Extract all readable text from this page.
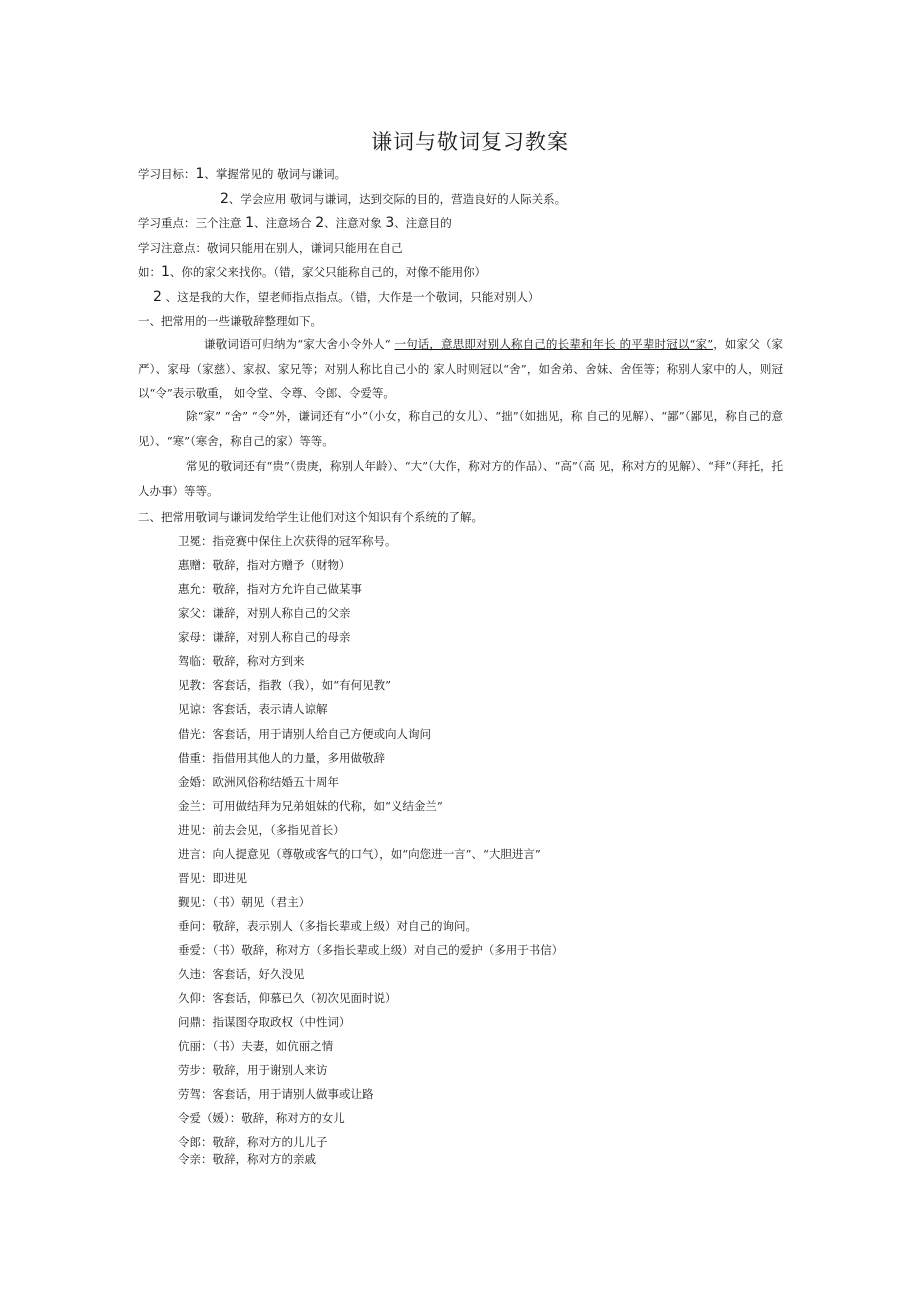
谦词与敬词复习教案
学习目标：1、掌握常见的 敬词与谦词。
2、学会应用 敬词与谦词，达到交际的目的，营造良好的人际关系。
学习重点：三个注意 1、注意场合 2、注意对象 3、注意目的
学习注意点：敬词只能用在别人，谦词只能用在自己
如：1、你的家父来找你。（错，家父只能称自己的，对像不能用你）
2 、这是我的大作，望老师指点指点。（错，大作是一个敬词，只能对别人）
一、把常用的一些谦敬辞整理如下。
谦敬词语可归纳为“家大舍小令外人“ 一句话，意思即对别人称自己的长辈和年长 的平辈时冠以“家”，如家父（家严）、家母（家慈）、家叔、家兄等；对别人称比自己小的 家人时则冠以“舍”，如舍弟、舍妹、舍侄等；称别人家中的人，则冠以“令”表示敬重， 如令堂、令尊、令郎、令爱等。
除“家” “舍” “令”外，谦词还有“小”（小女，称自己的女儿）、“拙”（如拙见，称 自己的见解）、“鄙”（鄙见，称自己的意见）、“寒”（寒舍，称自己的家）等等。
常见的敬词还有“贵”（贵庚，称别人年龄）、“大”（大作，称对方的作品）、“高”（高 见，称对方的见解）、“拜”（拜托，托人办事）等等。
二、把常用敬词与谦词发给学生让他们对这个知识有个系统的了解。
卫冕：指竞赛中保住上次获得的冠军称号。
惠赠：敬辞，指对方赠予（财物）
惠允：敬辞，指对方允许自己做某事
家父：谦辞，对别人称自己的父亲
家母：谦辞，对别人称自己的母亲
驾临：敬辞，称对方到来
见教：客套话，指教（我），如“有何见教”
见谅：客套话，表示请人谅解
借光：客套话，用于请别人给自己方便或向人询问
借重：指借用其他人的力量，多用做敬辞
金婚：欧洲风俗称结婚五十周年
金兰：可用做结拜为兄弟姐妹的代称，如“义结金兰”
进见：前去会见，（多指见首长）
进言：向人提意见（尊敬或客气的口气），如“向您进一言”、“大胆进言”
晋见：即进见
觐见：（书）朝见（君主）
垂问：敬辞，表示别人（多指长辈或上级）对自己的询问。
垂爱：（书）敬辞，称对方（多指长辈或上级）对自己的爱护（多用于书信）
久违：客套话，好久没见
久仰：客套话，仰慕已久（初次见面时说）
问鼎：指谋图夺取政权（中性词）
伉丽：（书）夫妻，如伉丽之情
劳步：敬辞，用于谢别人来访
劳驾：客套话，用于请别人做事或让路
令爱（媛）：敬辞，称对方的女儿
令郎：敬辞，称对方的儿儿子
令亲：敬辞，称对方的亲戚
